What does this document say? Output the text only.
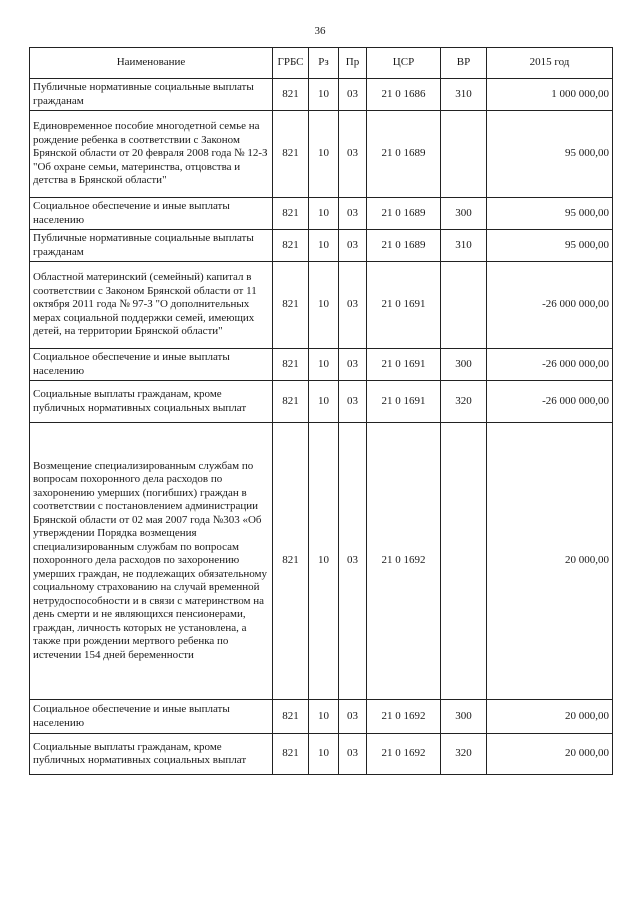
36
Наименование	ГРБС	Рз	Пр	ЦСР	ВР	2015 год
Публичные нормативные социальные выплаты гражданам	821	10	03	21 0 1686	310	1 000 000,00
Единовременное пособие многодетной семье на рождение ребенка в соответствии с Законом Брянской области от 20 февраля 2008 года № 12-З "Об охране семьи, материнства, отцовства и детства в Брянской области"	821	10	03	21 0 1689		95 000,00
Социальное обеспечение и иные выплаты населению	821	10	03	21 0 1689	300	95 000,00
Публичные нормативные социальные выплаты гражданам	821	10	03	21 0 1689	310	95 000,00
Областной материнский (семейный) капитал в соответствии с Законом Брянской области от 11 октября 2011 года № 97-З "О дополнительных мерах социальной поддержки семей, имеющих детей, на территории Брянской области"	821	10	03	21 0 1691		-26 000 000,00
Социальное обеспечение и иные выплаты населению	821	10	03	21 0 1691	300	-26 000 000,00
Социальные выплаты гражданам, кроме публичных нормативных социальных выплат	821	10	03	21 0 1691	320	-26 000 000,00
Возмещение специализированным службам по вопросам похоронного дела расходов по захоронению умерших (погибших) граждан в соответствии с постановлением администрации Брянской области от 02 мая 2007 года №303 «Об утверждении Порядка возмещения специализированным службам по вопросам похоронного дела расходов по захоронению умерших граждан, не подлежащих обязательному социальному страхованию на случай временной нетрудоспособности и в связи с материнством на день смерти и не являющихся пенсионерами, граждан, личность которых не установлена, а также при рождении мертвого ребенка по истечении 154 дней беременности	821	10	03	21 0 1692		20 000,00
Социальное обеспечение и иные выплаты населению	821	10	03	21 0 1692	300	20 000,00
Социальные выплаты гражданам, кроме публичных нормативных социальных выплат	821	10	03	21 0 1692	320	20 000,00
